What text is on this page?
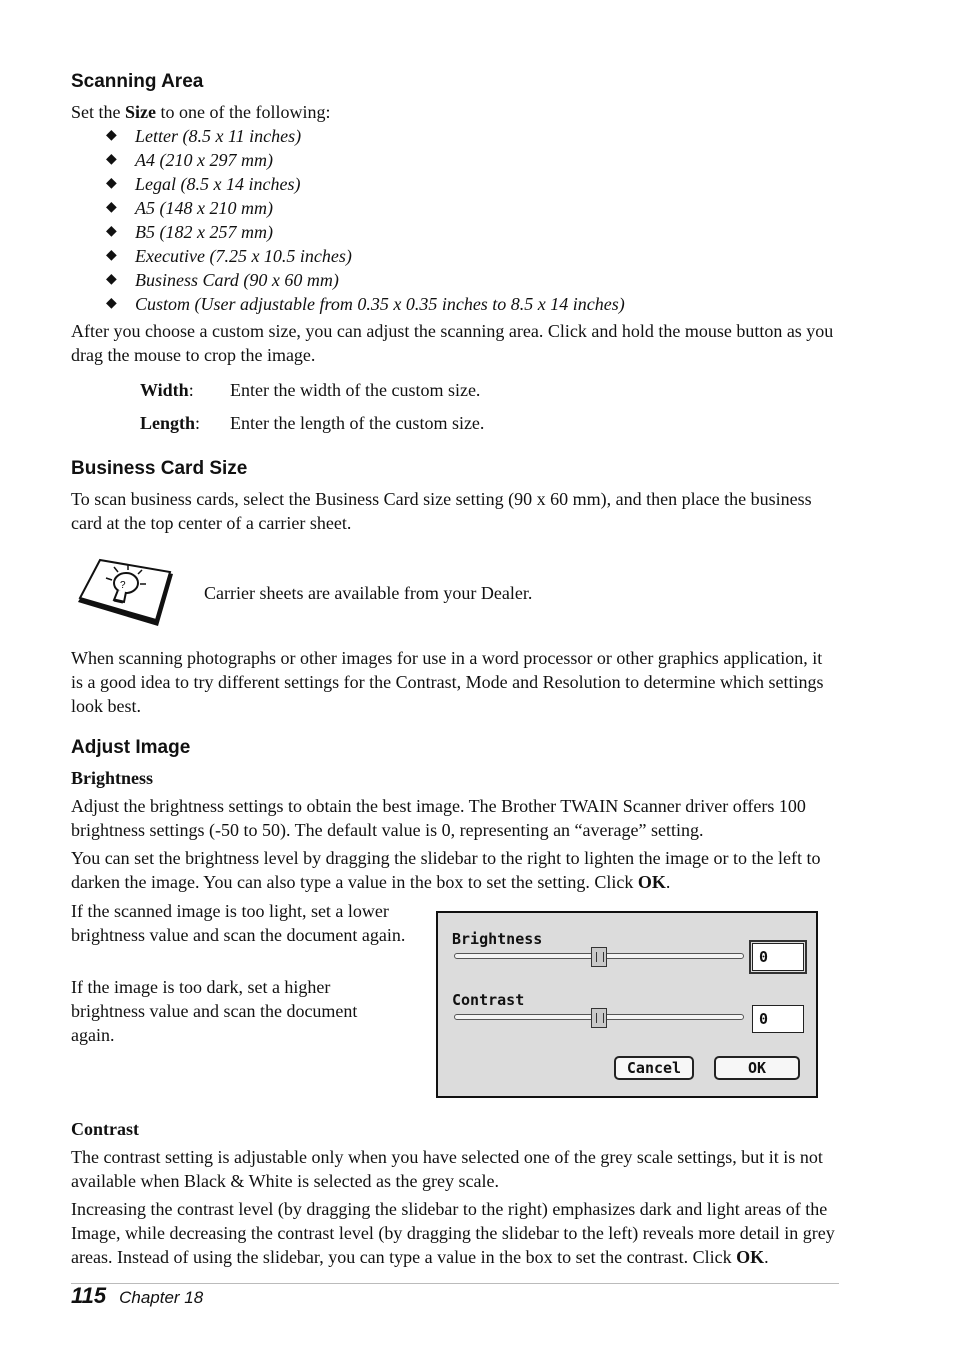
Scanning Area

Set the Size to one of the following:

◆ Letter (8.5 x 11 inches)
◆ A4 (210 x 297 mm)
◆ Legal (8.5 x 14 inches)
◆ A5 (148 x 210 mm)
◆ B5 (182 x 257 mm)
◆ Executive (7.25 x 10.5 inches)
◆ Business Card (90 x 60 mm)
◆ Custom (User adjustable from 0.35 x 0.35 inches to 8.5 x 14 inches)

After you choose a custom size, you can adjust the scanning area. Click and hold the mouse button as you drag the mouse to crop the image.

Width: Enter the width of the custom size.

Length: Enter the length of the custom size.

Business Card Size

To scan business cards, select the Business Card size setting (90 x 60 mm), and then place the business card at the top center of a carrier sheet.

?	Carrier sheets are available from your Dealer.

When scanning photographs or other images for use in a word processor or other graphics application, it is a good idea to try different settings for the Contrast, Mode and Resolution to determine which settings look best.

Adjust Image
Brightness

Adjust the brightness settings to obtain the best image. The Brother TWAIN Scanner driver offers 100 brightness settings (-50 to 50). The default value is 0, representing an “average” setting.

You can set the brightness level by dragging the slidebar to the right to lighten the image or to the left to darken the image. You can also type a value in the box to set the setting. Click OK.

If the scanned image is too light, set a lower brightness value and scan the document again.

If the image is too dark, set a higher brightness value and scan the document again.

Brightness
0
Contrast
0
Cancel	OK
Contrast

The contrast setting is adjustable only when you have selected one of the grey scale settings, but it is not available when Black & White is selected as the grey scale.

Increasing the contrast level (by dragging the slidebar to the right) emphasizes dark and light areas of the Image, while decreasing the contrast level (by dragging the slidebar to the left) reveals more detail in grey areas. Instead of using the slidebar, you can type a value in the box to set the contrast. Click OK.

115 Chapter 18
